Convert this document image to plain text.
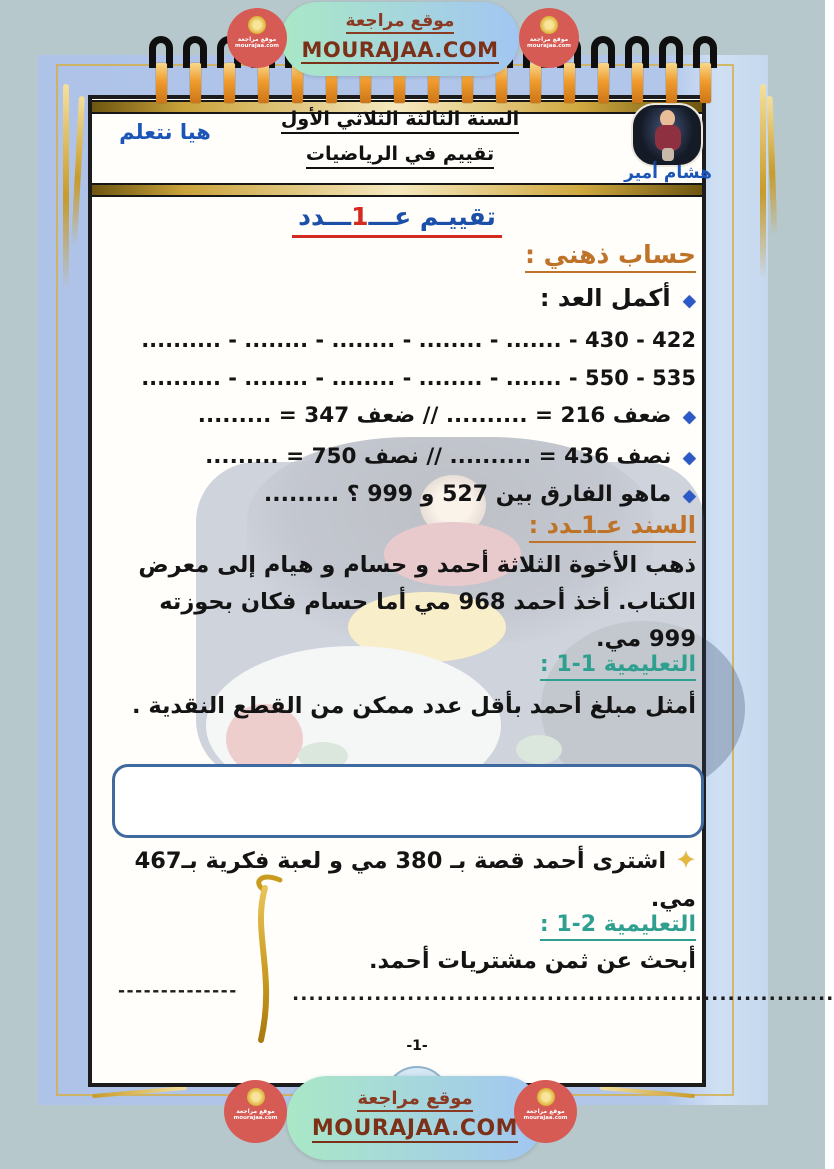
هيا نتعلم
السنة الثالثة الثلاثي الأول
تقييم في الرياضيات
هشام أمير
تقييـم عـــ1ـــدد
حساب ذهني :
◆ أكمل العد :
422 - 430 - ....... - ........ - ........ - ........ - ..........
535 - 550 - ....... - ........ - ........ - ........ - ..........
◆ ضعف 216 = .......... // ضعف 347 = .........
◆ نصف 436 = .......... // نصف 750 = .........
◆ ماهو الفارق بين 527 و 999 ؟ .........
السند عـ1ـدد :
ذهب الأخوة الثلاثة أحمد و حسام و هيام إلى معرض الكتاب. أخذ أحمد 968 مي أما حسام فكان بحوزته 999 مي.
التعليمية 1-1 :
أمثل مبلغ أحمد بأقل عدد ممكن من القطع النقدية .
✦ اشترى أحمد قصة بـ 380 مي و لعبة فكرية بـ467 مي.
التعليمية 2-1 :
أبحث عن ثمن مشتريات أحمد.
..................................................................
--------------
-1-
موقع مراجعة
MOURAJAA.COM
موقع مراجعة
MOURAJAA.COM
موقع مراجعة
mourajaa.com
موقع مراجعة
mourajaa.com
موقع مراجعة
mourajaa.com
موقع مراجعة
mourajaa.com
